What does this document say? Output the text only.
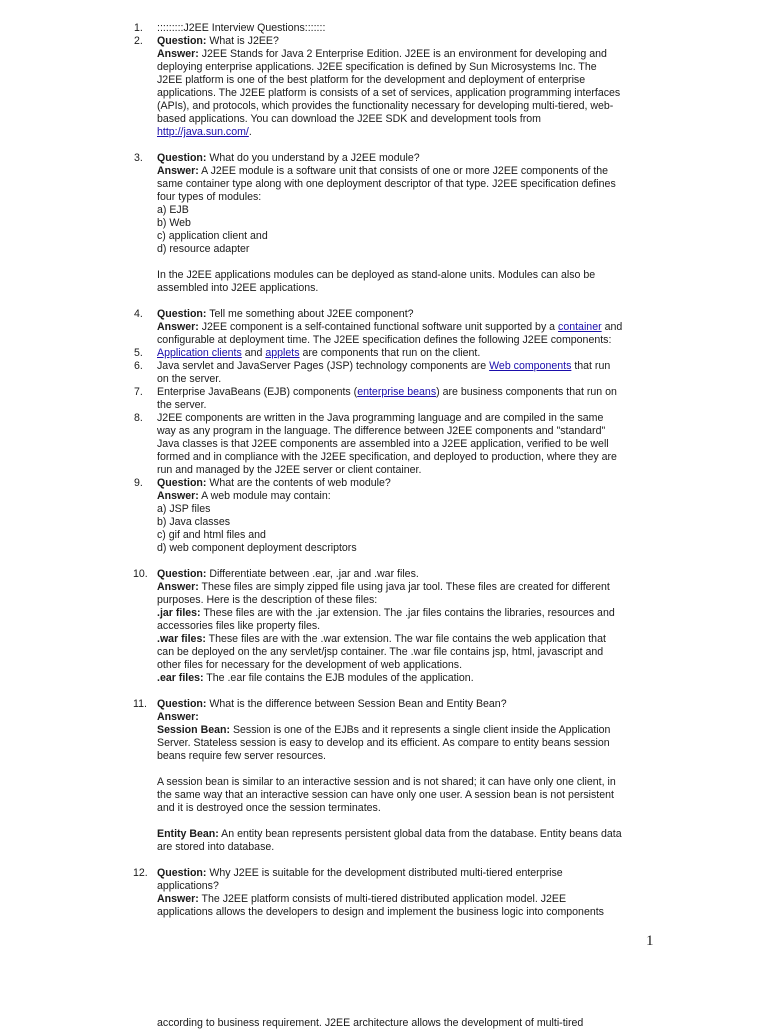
1. :::::::::J2EE Interview Questions:::::::
2. Question: What is J2EE?
Answer: J2EE Stands for Java 2 Enterprise Edition. J2EE is an environment for developing and
deploying enterprise applications. J2EE specification is defined by Sun Microsystems Inc. The
J2EE platform is one of the best platform for the development and deployment of enterprise
applications. The J2EE platform is consists of a set of services, application programming interfaces
(APIs), and protocols, which provides the functionality necessary for developing multi-tiered, web-
based applications. You can download the J2EE SDK and development tools from
http://java.sun.com/.
3. Question: What do you understand by a J2EE module?
Answer: A J2EE module is a software unit that consists of one or more J2EE components of the
same container type along with one deployment descriptor of that type. J2EE specification defines
four types of modules:
a) EJB
b) Web
c) application client and
d) resource adapter
In the J2EE applications modules can be deployed as stand-alone units. Modules can also be
assembled into J2EE applications.
4. Question: Tell me something about J2EE component?
Answer: J2EE component is a self-contained functional software unit supported by a container and
configurable at deployment time. The J2EE specification defines the following J2EE components:
5. Application clients and applets are components that run on the client.
6. Java servlet and JavaServer Pages (JSP) technology components are Web components that run
on the server.
7. Enterprise JavaBeans (EJB) components (enterprise beans) are business components that run on
the server.
8. J2EE components are written in the Java programming language and are compiled in the same
way as any program in the language. The difference between J2EE components and "standard"
Java classes is that J2EE components are assembled into a J2EE application, verified to be well
formed and in compliance with the J2EE specification, and deployed to production, where they are
run and managed by the J2EE server or client container.
9. Question: What are the contents of web module?
Answer: A web module may contain:
a) JSP files
b) Java classes
c) gif and html files and
d) web component deployment descriptors
10. Question: Differentiate between .ear, .jar and .war files.
Answer: These files are simply zipped file using java jar tool. These files are created for different
purposes. Here is the description of these files:
.jar files: These files are with the .jar extension. The .jar files contains the libraries, resources and
accessories files like property files.
.war files: These files are with the .war extension. The war file contains the web application that
can be deployed on the any servlet/jsp container. The .war file contains jsp, html, javascript and
other files for necessary for the development of web applications.
.ear files: The .ear file contains the EJB modules of the application.
11. Question: What is the difference between Session Bean and Entity Bean?
Answer:
Session Bean: Session is one of the EJBs and it represents a single client inside the Application
Server. Stateless session is easy to develop and its efficient. As compare to entity beans session
beans require few server resources.
A session bean is similar to an interactive session and is not shared; it can have only one client, in
the same way that an interactive session can have only one user. A session bean is not persistent
and it is destroyed once the session terminates.
Entity Bean: An entity bean represents persistent global data from the database. Entity beans data
are stored into database.
12. Question: Why J2EE is suitable for the development distributed multi-tiered enterprise
applications?
Answer: The J2EE platform consists of multi-tiered distributed application model. J2EE
applications allows the developers to design and implement the business logic into components
according to business requirement. J2EE architecture allows the development of multi-tired
1
